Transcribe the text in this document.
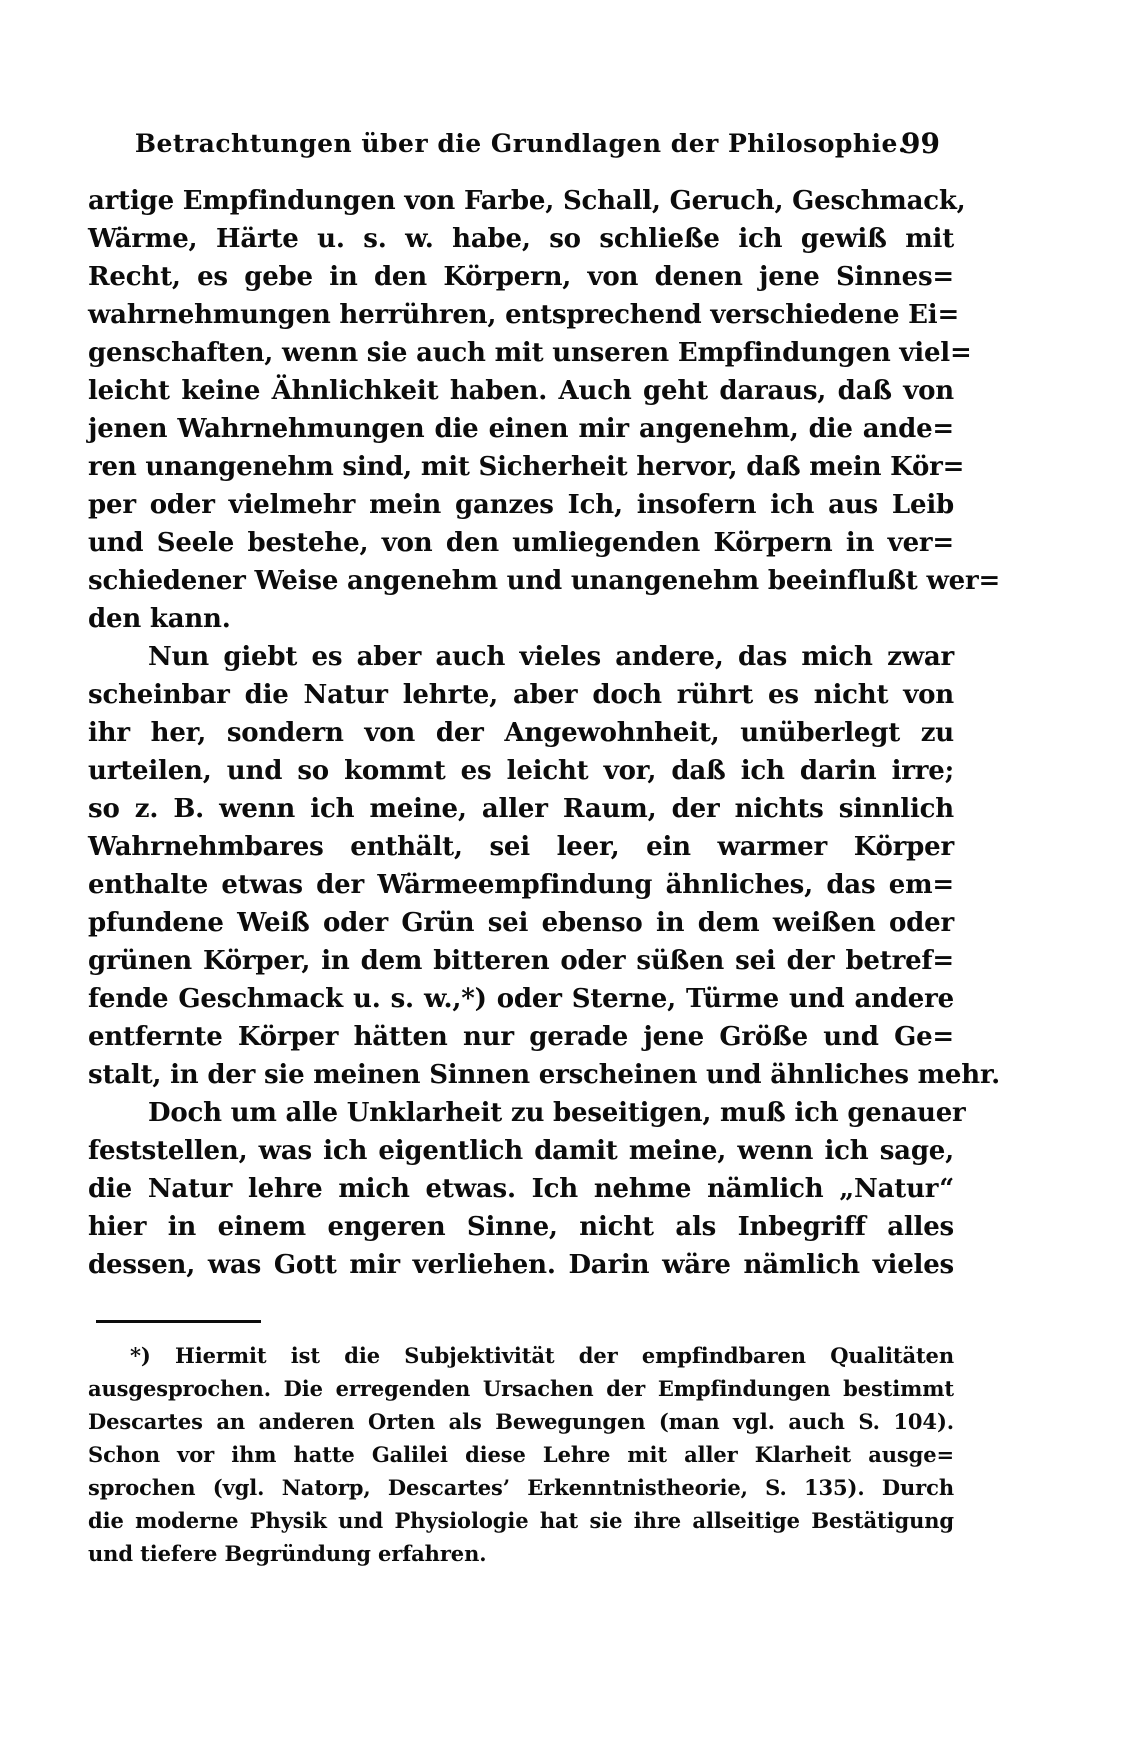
Betrachtungen über die Grundlagen der Philosophie.
99
artige Empfindungen von Farbe, Schall, Geruch, Geschmack,
Wärme, Härte u. s. w. habe, so schließe ich gewiß mit
Recht, es gebe in den Körpern, von denen jene Sinnes=
wahrnehmungen herrühren, entsprechend verschiedene Ei=
genschaften, wenn sie auch mit unseren Empfindungen viel=
leicht keine Ähnlichkeit haben. Auch geht daraus, daß von
jenen Wahrnehmungen die einen mir angenehm, die ande=
ren unangenehm sind, mit Sicherheit hervor, daß mein Kör=
per oder vielmehr mein ganzes Ich, insofern ich aus Leib
und Seele bestehe, von den umliegenden Körpern in ver=
schiedener Weise angenehm und unangenehm beeinflußt wer=
den kann.
Nun giebt es aber auch vieles andere, das mich zwar
scheinbar die Natur lehrte, aber doch rührt es nicht von
ihr her, sondern von der Angewohnheit, unüberlegt zu
urteilen, und so kommt es leicht vor, daß ich darin irre;
so z. B. wenn ich meine, aller Raum, der nichts sinnlich
Wahrnehmbares enthält, sei leer, ein warmer Körper
enthalte etwas der Wärmeempfindung ähnliches, das em=
pfundene Weiß oder Grün sei ebenso in dem weißen oder
grünen Körper, in dem bitteren oder süßen sei der betref=
fende Geschmack u. s. w.,*) oder Sterne, Türme und andere
entfernte Körper hätten nur gerade jene Größe und Ge=
stalt, in der sie meinen Sinnen erscheinen und ähnliches mehr.
Doch um alle Unklarheit zu beseitigen, muß ich genauer
feststellen, was ich eigentlich damit meine, wenn ich sage,
die Natur lehre mich etwas. Ich nehme nämlich „Natur“
hier in einem engeren Sinne, nicht als Inbegriff alles
dessen, was Gott mir verliehen. Darin wäre nämlich vieles
*) Hiermit ist die Subjektivität der empfindbaren Qualitäten
ausgesprochen. Die erregenden Ursachen der Empfindungen bestimmt
Descartes an anderen Orten als Bewegungen (man vgl. auch S. 104).
Schon vor ihm hatte Galilei diese Lehre mit aller Klarheit ausge=
sprochen (vgl. Natorp, Descartes’ Erkenntnistheorie, S. 135). Durch
die moderne Physik und Physiologie hat sie ihre allseitige Bestätigung
und tiefere Begründung erfahren.
